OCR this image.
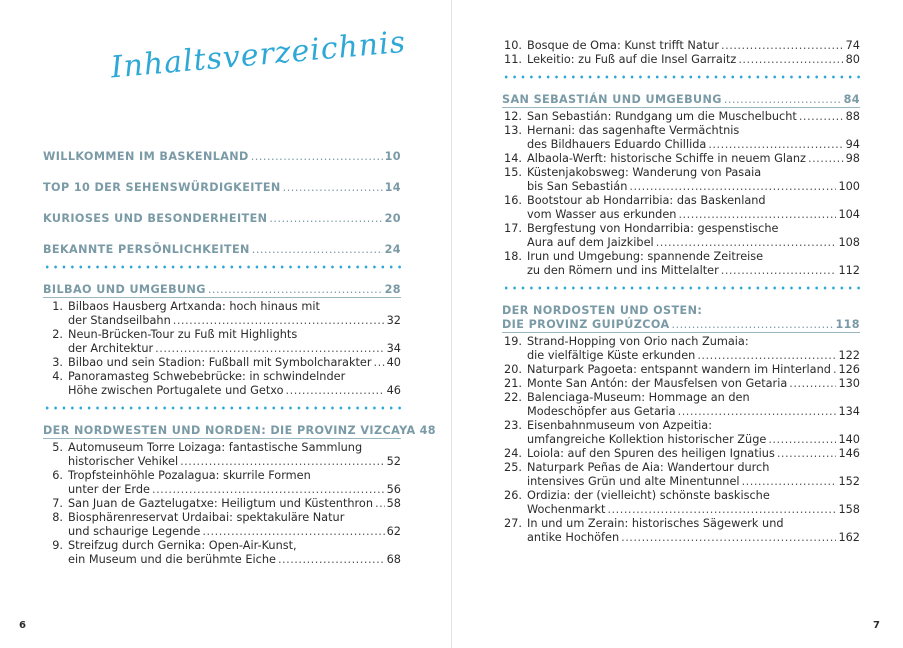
Inhaltsverzeichnis
WILLKOMMEN IM BASKENLAND .....	10
TOP 10 DER SEHENSWÜRDIGKEITEN .....	14
KURIOSES UND BESONDERHEITEN .....	20
BEKANNTE PERSÖNLICHKEITEN .....	24
BILBAO UND UMGEBUNG .....	28
1. Bilbaos Hausberg Artxanda: hoch hinaus mit
der Standseilbahn .....	32
2. Neun-Brücken-Tour zu Fuß mit Highlights
der Architektur .....	34
3. Bilbao und sein Stadion: Fußball mit Symbolcharakter ..... 40
4. Panoramasteg Schwebebrücke: in schwindelnder
Höhe zwischen Portugalete und Getxo .....	46
DER NORDWESTEN UND NORDEN: DIE PROVINZ VIZCAYA 48
5. Automuseum Torre Loizaga: fantastische Sammlung
historischer Vehikel .....	52
6. Tropfsteinhöhle Pozalagua: skurrile Formen
unter der Erde .....	56
7. San Juan de Gaztelugatxe: Heiligtum und Küstenthron ..... 58
8. Biosphärenreservat Urdaibai: spektakuläre Natur
und schaurige Legende .....	62
9. Streifzug durch Gernika: Open-Air-Kunst,
ein Museum und die berühmte Eiche .....	68
10. Bosque de Oma: Kunst trifft Natur .....	74
11. Lekeitio: zu Fuß auf die Insel Garraitz .....	80
SAN SEBASTIÁN UND UMGEBUNG .....	84
12. San Sebastián: Rundgang um die Muschelbucht .....	88
13. Hernani: das sagenhafte Vermächtnis
des Bildhauers Eduardo Chillida .....	94
14. Albaola-Werft: historische Schiffe in neuem Glanz .....	98
15. Küstenjakobsweg: Wanderung von Pasaia
bis San Sebastián .....	100
16. Bootstour ab Hondarribia: das Baskenland
vom Wasser aus erkunden .....	104
17. Bergfestung von Hondarribia: gespenstische
Aura auf dem Jaizkibel .....	108
18. Irun und Umgebung: spannende Zeitreise
zu den Römern und ins Mittelalter .....	112
DER NORDOSTEN UND OSTEN:
DIE PROVINZ GUIPÚZCOA .....	118
19. Strand-Hopping von Orio nach Zumaia:
die vielfältige Küste erkunden .....	122
20. Naturpark Pagoeta: entspannt wandern im Hinterland ..... 126
21. Monte San Antón: der Mausfelsen von Getaria .....	130
22. Balenciaga-Museum: Hommage an den
Modeschöpfer aus Getaria .....	134
23. Eisenbahnmuseum von Azpeitia:
umfangreiche Kollektion historischer Züge .....	140
24. Loiola: auf den Spuren des heiligen Ignatius .....	146
25. Naturpark Peñas de Aia: Wandertour durch
intensives Grün und alte Minentunnel .....	152
26. Ordizia: der (vielleicht) schönste baskische
Wochenmarkt .....	158
27. In und um Zerain: historisches Sägewerk und
antike Hochöfen .....	162
6	7
